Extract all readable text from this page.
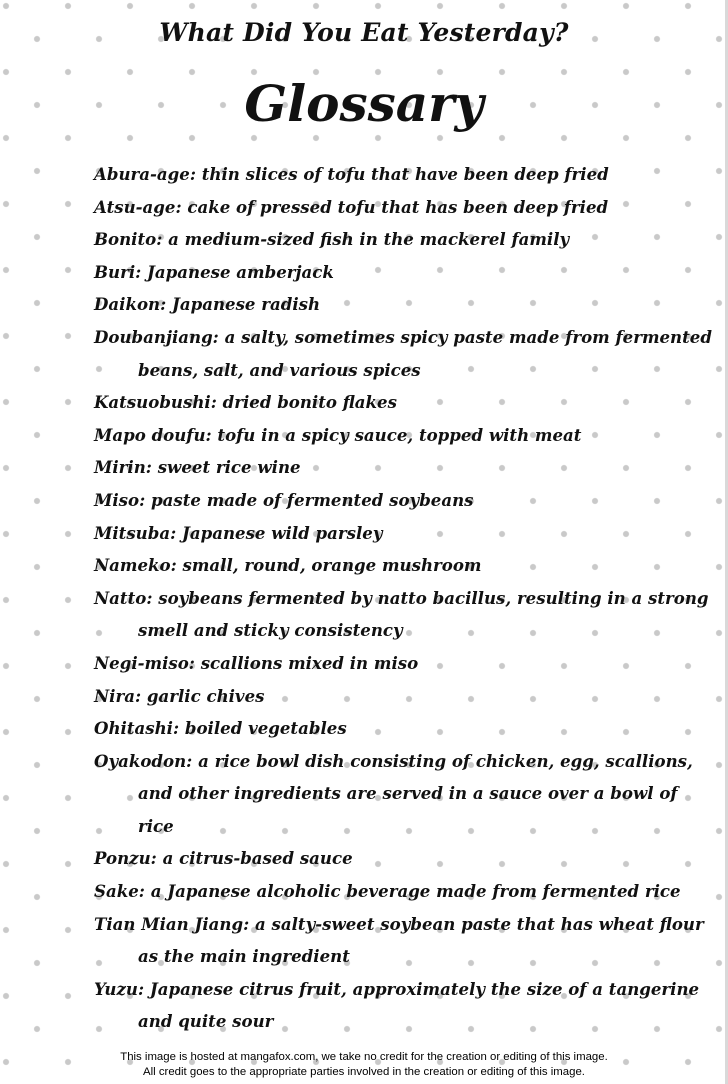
What Did You Eat Yesterday?
Glossary
Abura-age: thin slices of tofu that have been deep fried
Atsu-age: cake of pressed tofu that has been deep fried
Bonito: a medium-sized fish in the mackerel family
Buri: Japanese amberjack
Daikon: Japanese radish
Doubanjiang: a salty, sometimes spicy paste made from fermented beans, salt, and various spices
Katsuobushi: dried bonito flakes
Mapo doufu: tofu in a spicy sauce, topped with meat
Mirin: sweet rice wine
Miso: paste made of fermented soybeans
Mitsuba: Japanese wild parsley
Nameko: small, round, orange mushroom
Natto: soybeans fermented by natto bacillus, resulting in a strong smell and sticky consistency
Negi-miso: scallions mixed in miso
Nira: garlic chives
Ohitashi: boiled vegetables
Oyakodon: a rice bowl dish consisting of chicken, egg, scallions, and other ingredients are served in a sauce over a bowl of rice
Ponzu: a citrus-based sauce
Sake: a Japanese alcoholic beverage made from fermented rice
Tian Mian Jiang: a salty-sweet soybean paste that has wheat flour as the main ingredient
Yuzu: Japanese citrus fruit, approximately the size of a tangerine and quite sour
This image is hosted at mangafox.com, we take no credit for the creation or editing of this image.
All credit goes to the appropriate parties involved in the creation or editing of this image.
